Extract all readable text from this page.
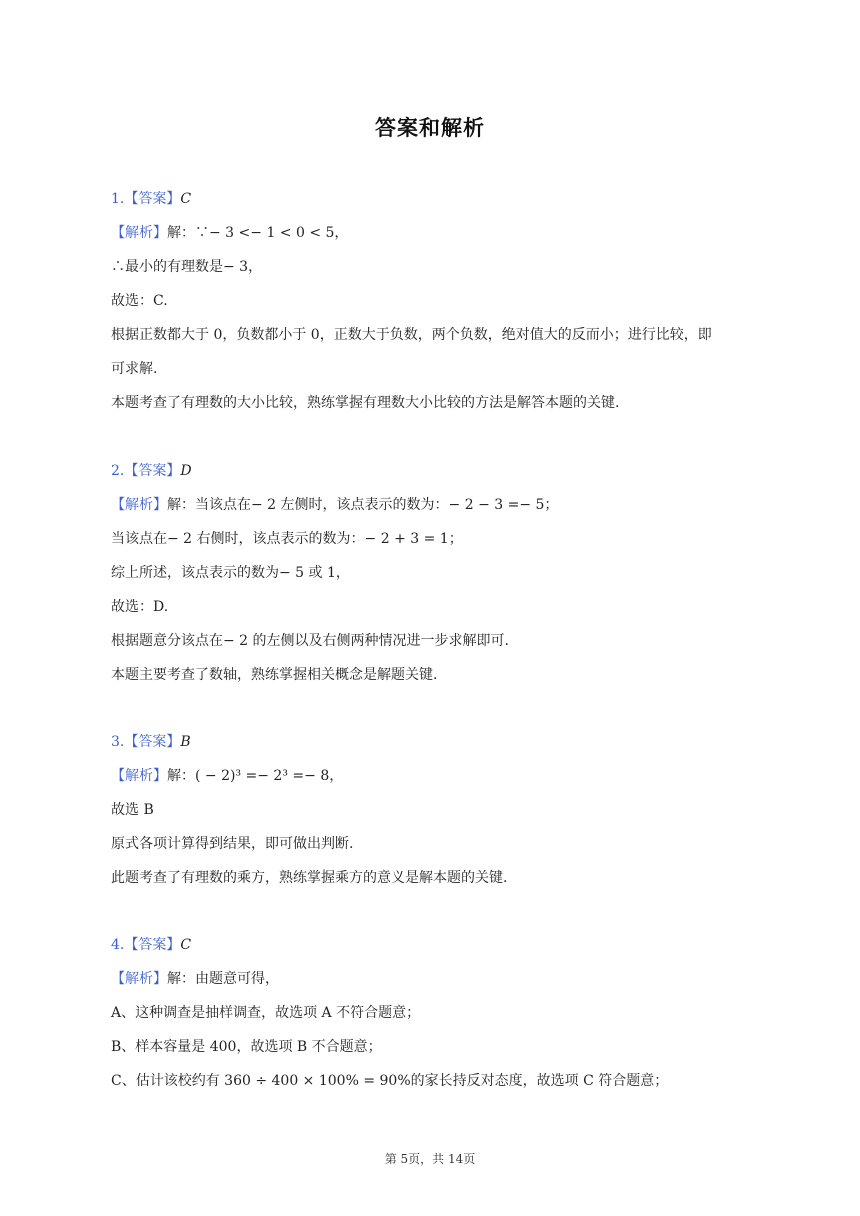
答案和解析
1.【答案】C
【解析】解：∵− 3 <− 1 < 0 < 5，
∴最小的有理数是− 3，
故选：C.
根据正数都大于 0，负数都小于 0，正数大于负数，两个负数，绝对值大的反而小；进行比较，即
可求解.
本题考查了有理数的大小比较，熟练掌握有理数大小比较的方法是解答本题的关键.
2.【答案】D
【解析】解：当该点在− 2 左侧时，该点表示的数为：− 2 − 3 =− 5；
当该点在− 2 右侧时，该点表示的数为：− 2 + 3 = 1；
综上所述，该点表示的数为− 5 或 1，
故选：D.
根据题意分该点在− 2 的左侧以及右侧两种情况进一步求解即可.
本题主要考查了数轴，熟练掌握相关概念是解题关键.
3.【答案】B
【解析】解：( − 2)³ =− 2³ =− 8，
故选 B
原式各项计算得到结果，即可做出判断.
此题考查了有理数的乘方，熟练掌握乘方的意义是解本题的关键.
4.【答案】C
【解析】解：由题意可得，
A、这种调查是抽样调查，故选项 A 不符合题意；
B、样本容量是 400，故选项 B 不合题意；
C、估计该校约有 360 ÷ 400 × 100% = 90%的家长持反对态度，故选项 C 符合题意；
第 5页，共 14页
